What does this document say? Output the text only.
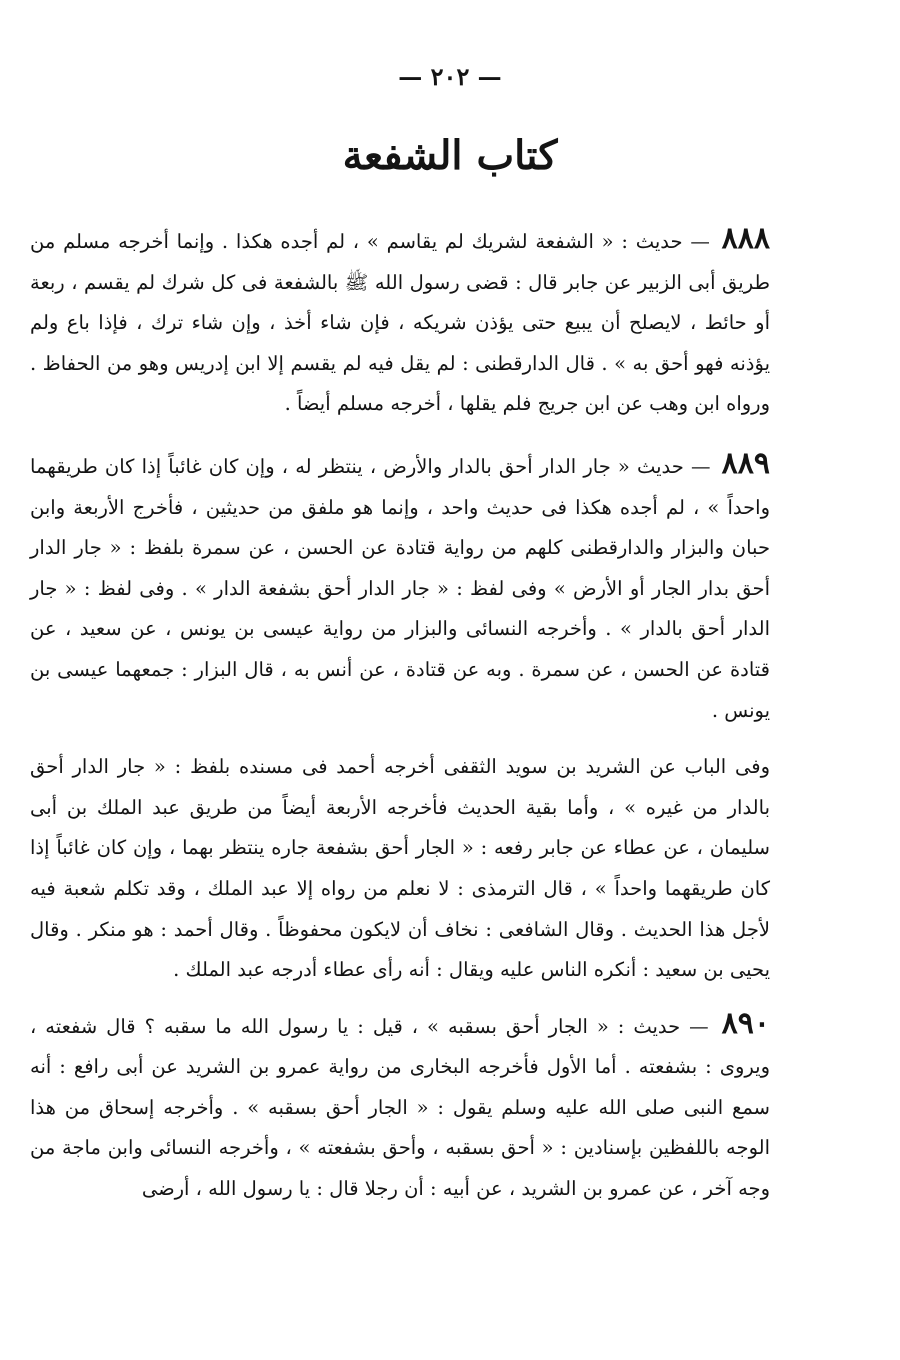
— ٢٠٢ —
كتاب الشفعة

٨٨٨ — حديث : « الشفعة لشريك لم يقاسم » ، لم أجده هكذا . وإنما أخرجه مسلم من طريق أبى الزبير عن جابر قال : قضى رسول الله ﷺ بالشفعة فى كل شرك لم يقسم ، ربعة أو حائط ، لايصلح أن يبيع حتى يؤذن شريكه ، فإن شاء أخذ ، وإن شاء ترك ، فإذا باع ولم يؤذنه فهو أحق به » . قال الدارقطنى : لم يقل فيه لم يقسم إلا ابن إدريس وهو من الحفاظ . ورواه ابن وهب عن ابن جريج فلم يقلها ، أخرجه مسلم أيضاً .

٨٨٩ — حديث « جار الدار أحق بالدار والأرض ، ينتظر له ، وإن كان غائباً إذا كان طريقهما واحداً » ، لم أجده هكذا فى حديث واحد ، وإنما هو ملفق من حديثين ، فأخرج الأربعة وابن حبان والبزار والدارقطنى كلهم من رواية قتادة عن الحسن ، عن سمرة بلفظ : « جار الدار أحق بدار الجار أو الأرض » وفى لفظ : « جار الدار أحق بشفعة الدار » . وفى لفظ : « جار الدار أحق بالدار » . وأخرجه النسائى والبزار من رواية عيسى بن يونس ، عن سعيد ، عن قتادة عن الحسن ، عن سمرة . وبه عن قتادة ، عن أنس به ، قال البزار : جمعهما عيسى بن يونس .

وفى الباب عن الشريد بن سويد الثقفى أخرجه أحمد فى مسنده بلفظ : « جار الدار أحق بالدار من غيره » ، وأما بقية الحديث فأخرجه الأربعة أيضاً من طريق عبد الملك بن أبى سليمان ، عن عطاء عن جابر رفعه : « الجار أحق بشفعة جاره ينتظر بهما ، وإن كان غائباً إذا كان طريقهما واحداً » ، قال الترمذى : لا نعلم من رواه إلا عبد الملك ، وقد تكلم شعبة فيه لأجل هذا الحديث . وقال الشافعى : نخاف أن لايكون محفوظاً . وقال أحمد : هو منكر . وقال يحيى بن سعيد : أنكره الناس عليه ويقال : أنه رأى عطاء أدرجه عبد الملك .

٨٩٠ — حديث : « الجار أحق بسقبه » ، قيل : يا رسول الله ما سقبه ؟ قال شفعته ، ويروى : بشفعته . أما الأول فأخرجه البخارى من رواية عمرو بن الشريد عن أبى رافع : أنه سمع النبى صلى الله عليه وسلم يقول : « الجار أحق بسقبه » . وأخرجه إسحاق من هذا الوجه باللفظين بإسنادين : « أحق بسقبه ، وأحق بشفعته » ، وأخرجه النسائى وابن ماجة من وجه آخر ، عن عمرو بن الشريد ، عن أبيه : أن رجلا قال : يا رسول الله ، أرضى
